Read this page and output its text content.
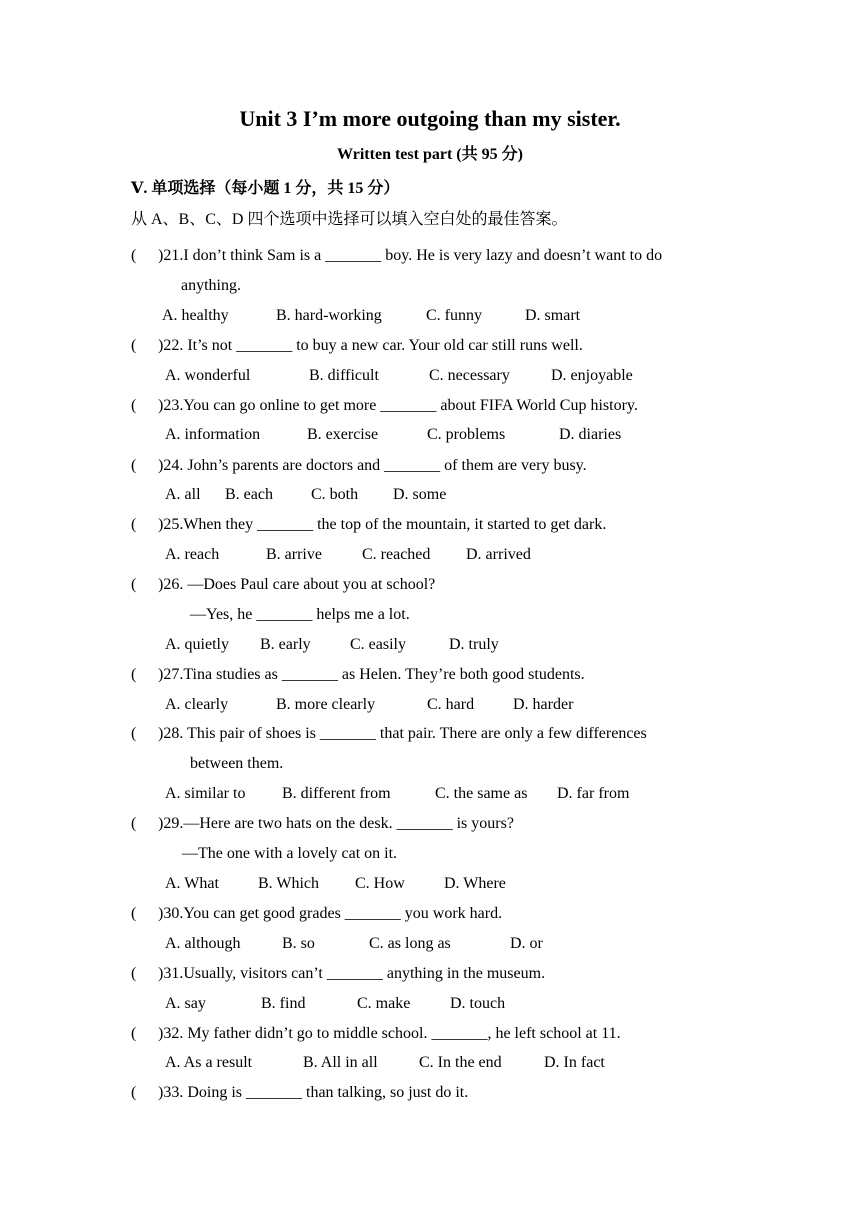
Unit 3 I’m more outgoing than my sister.
Written test part (共 95 分)
Ⅴ. 单项选择（每小题 1 分，共 15 分）
从 A、B、C、D 四个选项中选择可以填入空白处的最佳答案。
( )21.I don’t think Sam is a _______ boy. He is very lazy and doesn’t want to do
anything.
A. healthy	B. hard-working	C. funny	D. smart
( )22. It’s not _______ to buy a new car. Your old car still runs well.
A. wonderful	B. difficult	C. necessary	D. enjoyable
( )23.You can go online to get more _______ about FIFA World Cup history.
A. information	B. exercise	C. problems	D. diaries
( )24. John’s parents are doctors and _______ of them are very busy.
A. all B. each C. both D. some
( )25.When they _______ the top of the mountain, it started to get dark.
A. reach	B. arrive	C. reached D. arrived
( )26. —Does Paul care about you at school?
—Yes, he _______ helps me a lot.
A. quietly B. early C. easily	D. truly
( )27.Tina studies as _______ as Helen. They’re both good students.
A. clearly	B. more clearly	C. hard D. harder
( )28. This pair of shoes is _______ that pair. There are only a few differences
between them.
A. similar to B. different from	C. the same as D. far from
( )29.—Here are two hats on the desk. _______ is yours?
—The one with a lovely cat on it.
A. What B. Which C. How D. Where
( )30.You can get good grades _______ you work hard.
A. although	B. so	C. as long as	D. or
( )31.Usually, visitors can’t _______ anything in the museum.
A. say	B. find	C. make D. touch
( )32. My father didn’t go to middle school. _______, he left school at 11.
A. As a result	B. All in all	C. In the end	D. In fact
( )33. Doing is _______ than talking, so just do it.
